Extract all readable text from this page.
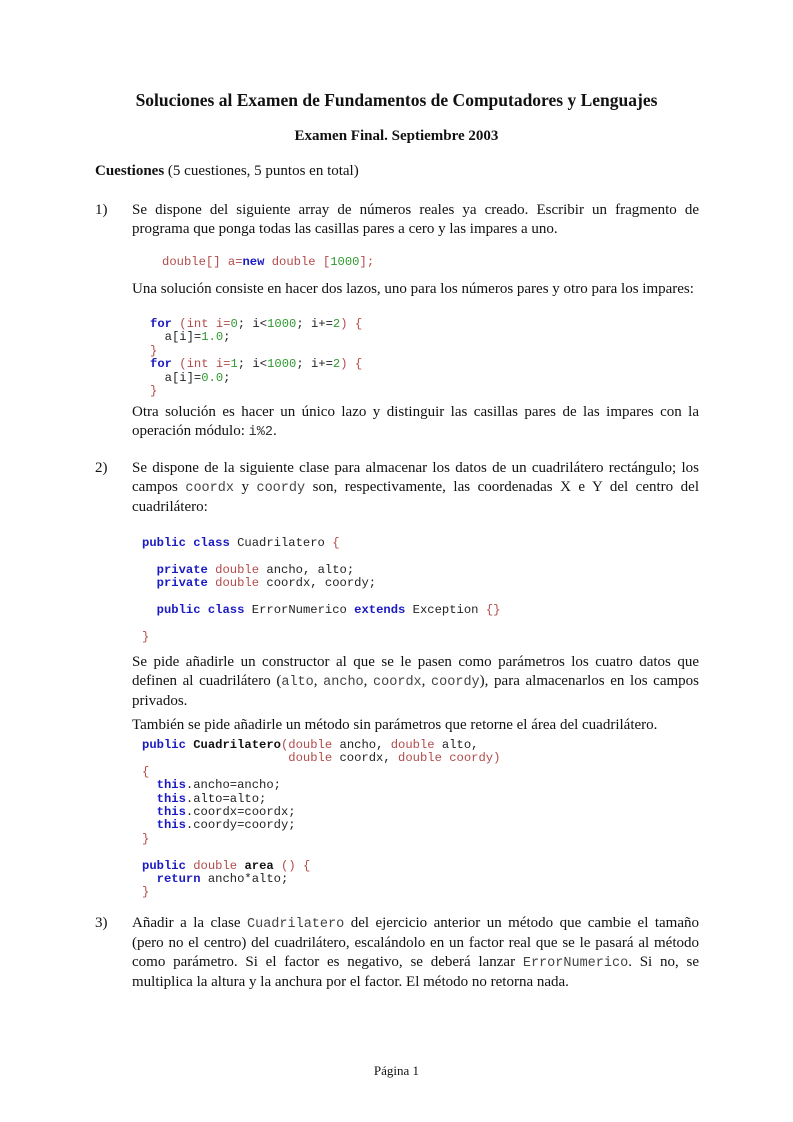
Soluciones al Examen de Fundamentos de Computadores y Lenguajes
Examen Final. Septiembre 2003
Cuestiones (5 cuestiones, 5 puntos en total)
1)	Se dispone del siguiente array de números reales ya creado. Escribir un fragmento de programa que ponga todas las casillas pares a cero y las impares a uno.
double[] a=new double [1000];
Una solución consiste en hacer dos lazos, uno para los números pares y otro para los impares:
for (int i=0; i<1000; i+=2) {
a[i]=1.0;
}
for (int i=1; i<1000; i+=2) {
a[i]=0.0;
}
Otra solución es hacer un único lazo y distinguir las casillas pares de las impares con la operación módulo: i%2.
2)	Se dispone de la siguiente clase para almacenar los datos de un cuadrilátero rectángulo; los campos coordx y coordy son, respectivamente, las coordenadas X e Y del centro del cuadrilátero:
public class Cuadrilatero {

private double ancho, alto;
private double coordx, coordy;

public class ErrorNumerico extends Exception {}

}
Se pide añadirle un constructor al que se le pasen como parámetros los cuatro datos que definen al cuadrilátero (alto, ancho, coordx, coordy), para almacenarlos en los campos privados.
También se pide añadirle un método sin parámetros que retorne el área del cuadrilátero.
public Cuadrilatero(double ancho, double alto,
double coordx, double coordy)
{
this.ancho=ancho;
this.alto=alto;
this.coordx=coordx;
this.coordy=coordy;
}

public double area () {
return ancho*alto;
}
3)	Añadir a la clase Cuadrilatero del ejercicio anterior un método que cambie el tamaño (pero no el centro) del cuadrilátero, escalándolo en un factor real que se le pasará al método como parámetro. Si el factor es negativo, se deberá lanzar ErrorNumerico. Si no, se multiplica la altura y la anchura por el factor. El método no retorna nada.
Página 1
